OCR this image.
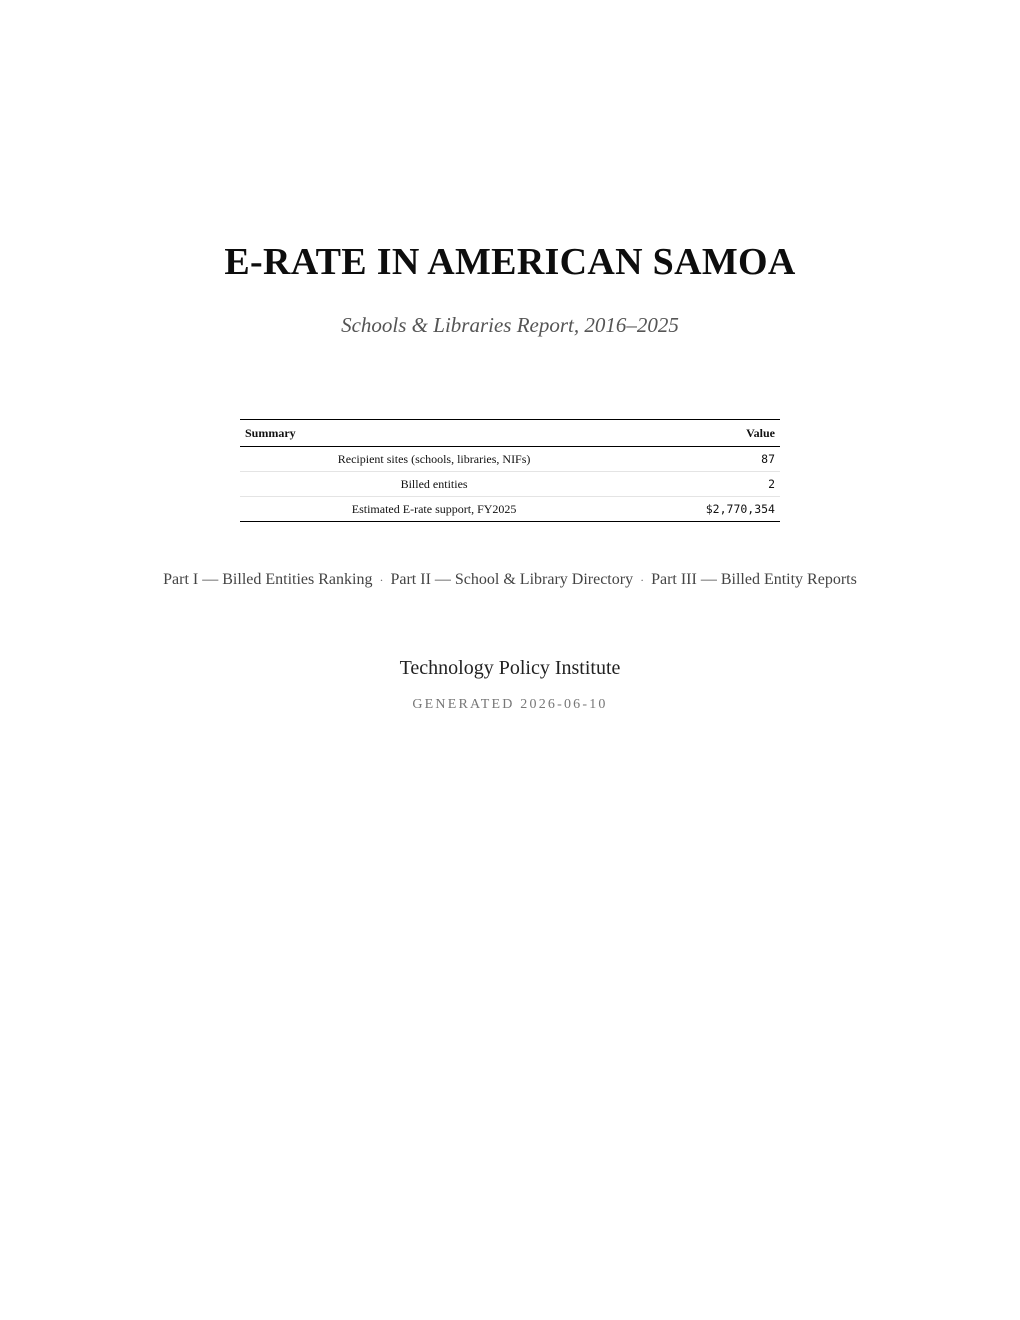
E-RATE IN AMERICAN SAMOA
Schools & Libraries Report, 2016–2025
Summary	Value
Recipient sites (schools, libraries, NIFs)	87
Billed entities	2
Estimated E-rate support, FY2025	$2,770,354
Part I — Billed Entities Ranking · Part II — School & Library Directory · Part III — Billed Entity Reports
Technology Policy Institute
GENERATED 2026-06-10
